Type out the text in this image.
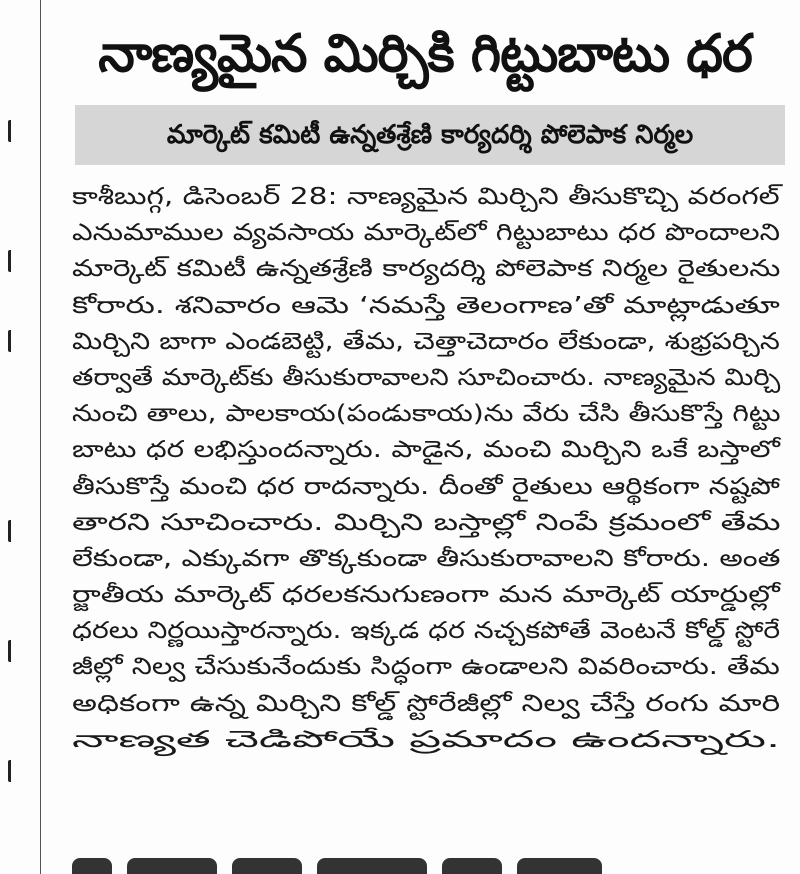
నాణ్యమైన మిర్చికి గిట్టుబాటు ధర
మార్కెట్ కమిటీ ఉన్నతశ్రేణి కార్యదర్శి పోలెపాక నిర్మల
కాశీబుగ్గ, డిసెంబర్ 28: నాణ్యమైన మిర్చిని తీసుకొచ్చి వరంగల్
ఎనుమాముల వ్యవసాయ మార్కెట్‌లో గిట్టుబాటు ధర పొందాలని
మార్కెట్ కమిటీ ఉన్నతశ్రేణి కార్యదర్శి పోలెపాక నిర్మల రైతులను
కోరారు. శనివారం ఆమె ‘నమస్తే తెలంగాణ’తో మాట్లాడుతూ
మిర్చిని బాగా ఎండబెట్టి, తేమ, చెత్తాచెదారం లేకుండా, శుభ్రపర్చిన
తర్వాతే మార్కెట్‌కు తీసుకురావాలని సూచించారు. నాణ్యమైన మిర్చి
నుంచి తాలు, పాలకాయ(పండుకాయ)ను వేరు చేసి తీసుకొస్తే గిట్టు
బాటు ధర లభిస్తుందన్నారు. పాడైన, మంచి మిర్చిని ఒకే బస్తాలో
తీసుకొస్తే మంచి ధర రాదన్నారు. దీంతో రైతులు ఆర్థికంగా నష్టపో
తారని సూచించారు. మిర్చిని బస్తాల్లో నింపే క్రమంలో తేమ
లేకుండా, ఎక్కువగా తొక్కకుండా తీసుకురావాలని కోరారు. అంత
ర్జాతీయ మార్కెట్ ధరలకనుగుణంగా మన మార్కెట్ యార్డుల్లో
ధరలు నిర్ణయిస్తారన్నారు. ఇక్కడ ధర నచ్చకపోతే వెంటనే కోల్డ్ స్టోరే
జీల్లో నిల్వ చేసుకునేందుకు సిద్ధంగా ఉండాలని వివరించారు. తేమ
అధికంగా ఉన్న మిర్చిని కోల్డ్ స్టోరేజీల్లో నిల్వ చేస్తే రంగు మారి
నాణ్యత చెడిపోయే ప్రమాదం ఉందన్నారు.
